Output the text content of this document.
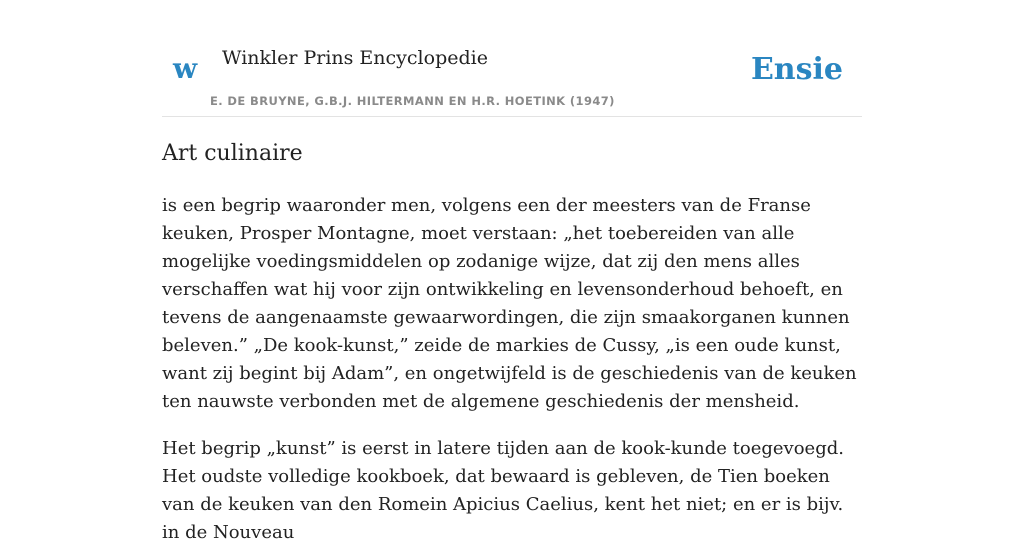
w Winkler Prins Encyclopedie
E. DE BRUYNE, G.B.J. HILTERMANN EN H.R. HOETINK (1947)
Ensie
Art culinaire

is een begrip waaronder men, volgens een der meesters van de Franse keuken, Prosper Montagne, moet verstaan: „het toebereiden van alle mogelijke voedingsmiddelen op zodanige wijze, dat zij den mens alles verschaffen wat hij voor zijn ontwikkeling en levensonderhoud behoeft, en tevens de aangenaamste gewaarwordingen, die zijn smaakorganen kunnen beleven.” „De kook-kunst,” zeide de markies de Cussy, „is een oude kunst, want zij begint bij Adam”, en ongetwijfeld is de geschiedenis van de keuken ten nauwste verbonden met de algemene geschiedenis der mensheid.

Het begrip „kunst” is eerst in latere tijden aan de kook-kunde toegevoegd. Het oudste volledige kookboek, dat bewaard is gebleven, de Tien boeken van de keuken van den Romein Apicius Caelius, kent het niet; en er is bijv. in de Nouveau
